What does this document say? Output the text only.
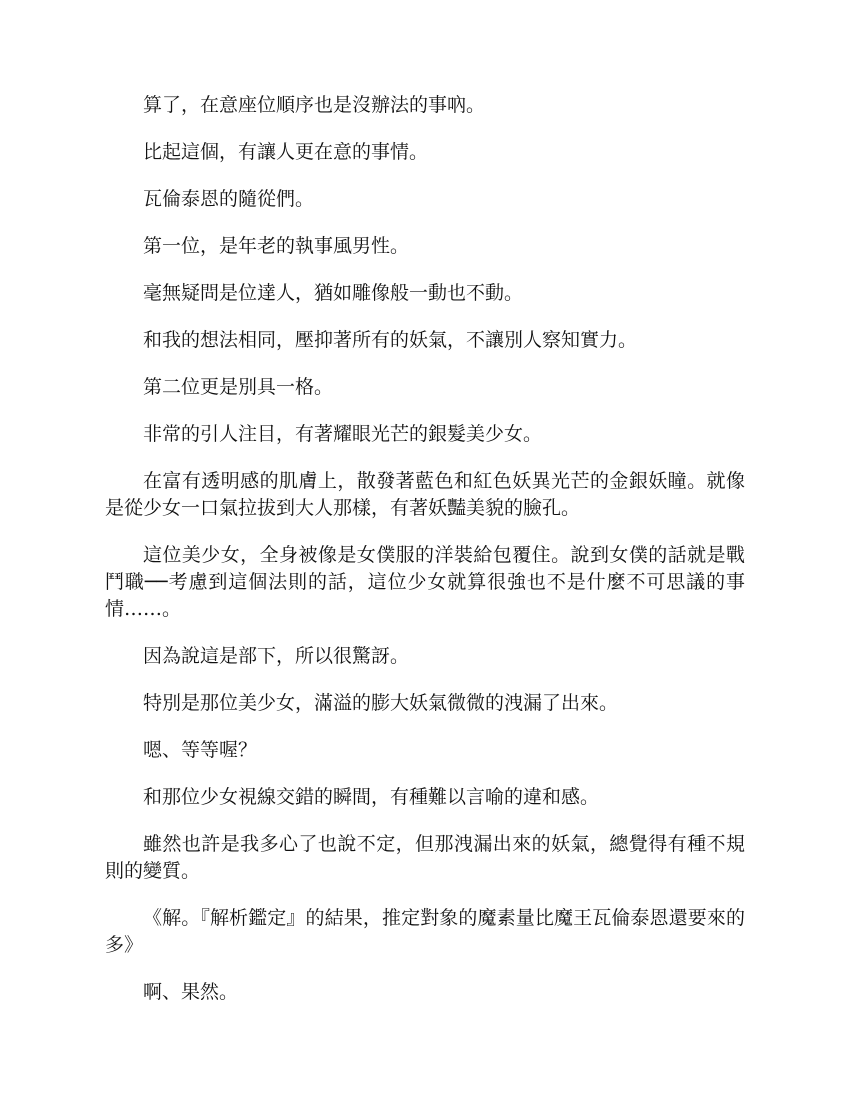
算了，在意座位順序也是沒辦法的事吶。

比起這個，有讓人更在意的事情。

瓦倫泰恩的隨從們。

第一位，是年老的執事風男性。

毫無疑問是位達人，猶如雕像般一動也不動。

和我的想法相同，壓抑著所有的妖氣，不讓別人察知實力。

第二位更是別具一格。

非常的引人注目，有著耀眼光芒的銀髮美少女。

在富有透明感的肌膚上，散發著藍色和紅色妖異光芒的金銀妖瞳。就像是從少女一口氣拉拔到大人那樣，有著妖豔美貌的臉孔。

這位美少女，全身被像是女僕服的洋裝給包覆住。說到女僕的話就是戰鬥職──考慮到這個法則的話，這位少女就算很強也不是什麼不可思議的事情……。

因為說這是部下，所以很驚訝。

特別是那位美少女，滿溢的膨大妖氣微微的洩漏了出來。

嗯、等等喔？

和那位少女視線交錯的瞬間，有種難以言喻的違和感。

雖然也許是我多心了也說不定，但那洩漏出來的妖氣，總覺得有種不規則的變質。

《解。『解析鑑定』的結果，推定對象的魔素量比魔王瓦倫泰恩還要來的多》

啊、果然。
